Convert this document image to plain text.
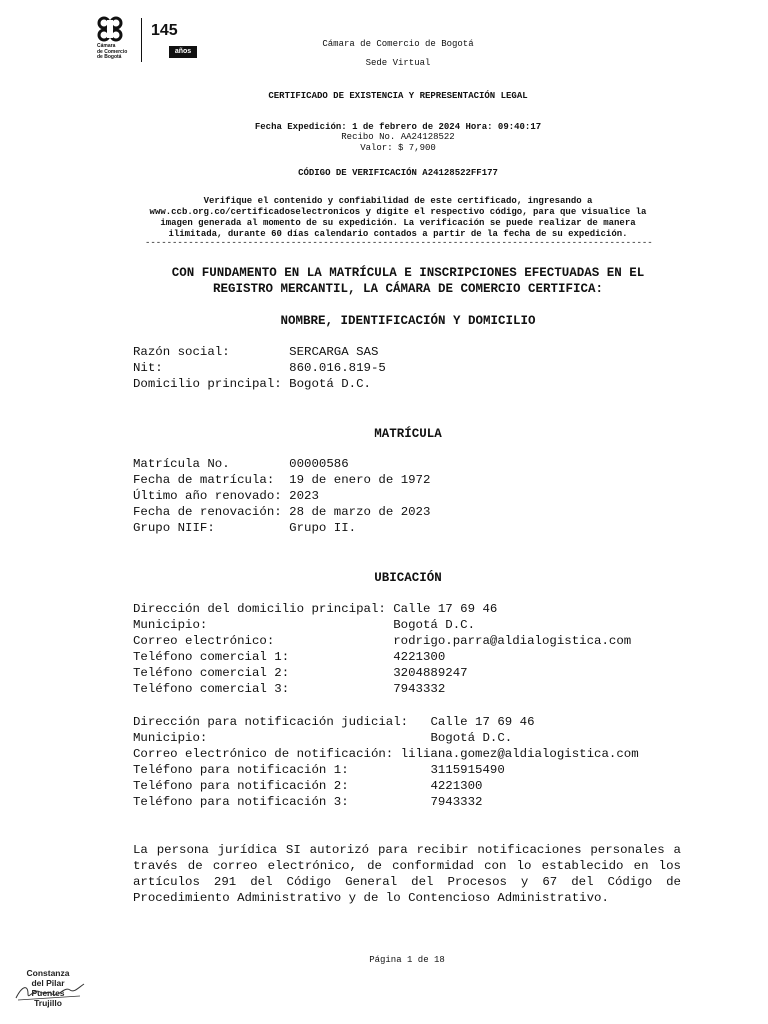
Cámara
de Comercio
de Bogotá
145
años
Cámara de Comercio de Bogotá
Sede Virtual
CERTIFICADO DE EXISTENCIA Y REPRESENTACIÓN LEGAL
Fecha Expedición: 1 de febrero de 2024 Hora: 09:40:17
Recibo No. AA24128522
Valor: $ 7,900
CÓDIGO DE VERIFICACIÓN A24128522FF177
Verifique el contenido y confiabilidad de este certificado, ingresando a
www.ccb.org.co/certificadoselectronicos y digite el respectivo código, para que visualice la
imagen generada al momento de su expedición. La verificación se puede realizar de manera
ilimitada, durante 60 días calendario contados a partir de la fecha de su expedición.
----------------------------------------------------------------------------------------------
CON FUNDAMENTO EN LA MATRÍCULA E INSCRIPCIONES EFECTUADAS EN EL
REGISTRO MERCANTIL, LA CÁMARA DE COMERCIO CERTIFICA:
NOMBRE, IDENTIFICACIÓN Y DOMICILIO
Razón social: SERCARGA SAS
Nit: 860.016.819-5
Domicilio principal: Bogotá D.C.
MATRÍCULA
Matrícula No. 00000586
Fecha de matrícula: 19 de enero de 1972
Último año renovado: 2023
Fecha de renovación: 28 de marzo de 2023
Grupo NIIF: Grupo II.
UBICACIÓN
Dirección del domicilio principal: Calle 17 69 46
Municipio: Bogotá D.C.
Correo electrónico: rodrigo.parra@aldialogistica.com
Teléfono comercial 1: 4221300
Teléfono comercial 2: 3204889247
Teléfono comercial 3: 7943332
Dirección para notificación judicial: Calle 17 69 46
Municipio: Bogotá D.C.
Correo electrónico de notificación: liliana.gomez@aldialogistica.com
Teléfono para notificación 1: 3115915490
Teléfono para notificación 2: 4221300
Teléfono para notificación 3: 7943332
La persona jurídica SI autorizó para recibir notificaciones personales a través de correo electrónico, de conformidad con lo establecido en los artículos 291 del Código General del Procesos y 67 del Código de Procedimiento Administrativo y de lo Contencioso Administrativo.
Página 1 de 18
Constanza
del Pilar
Puentes
Trujillo
